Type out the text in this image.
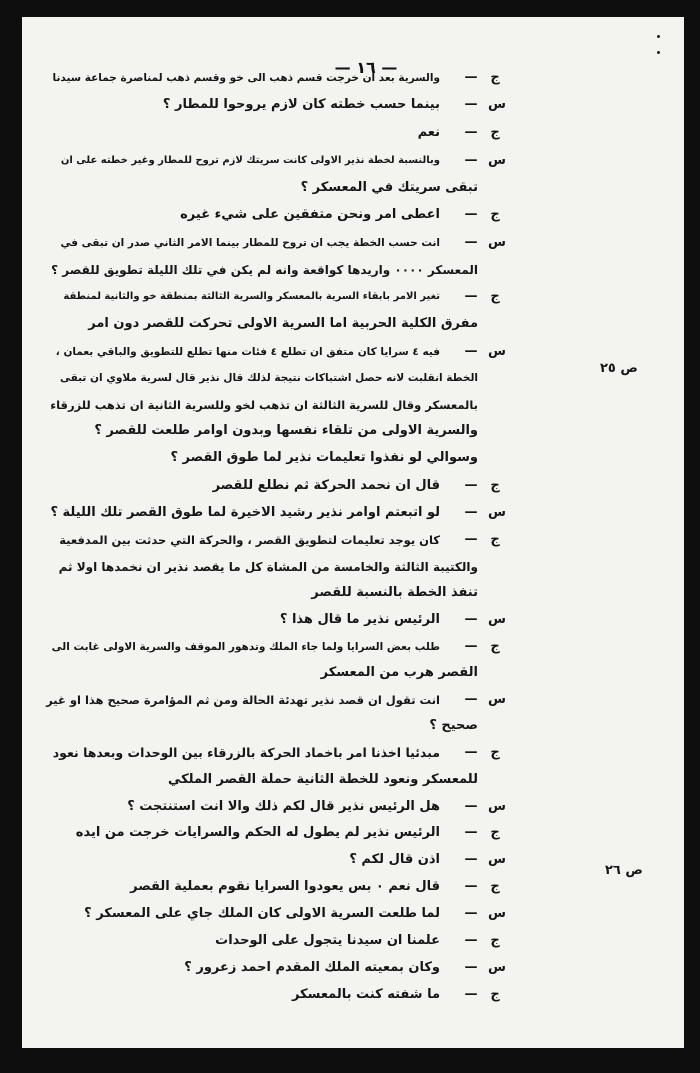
— ١٦ —
ج
—
والسرية بعد ان خرجت قسم ذهب الى خو وقسم ذهب لمناصرة جماعة سيدنا
س
—
بينما حسب خطته كان لازم يروحوا للمطار ؟
ج
—
نعم
س
—
وبالنسبة لخطة نذير الاولى كانت سريتك لازم تروح للمطار وغير خطته على ان
تبقى سريتك في المعسكر ؟
ج
—
اعطى امر ونحن متفقين على شيء غيره
س
—
انت حسب الخطة يجب ان تروح للمطار بينما الامر الثاني صدر ان تبقى في
المعسكر ٠٠٠٠ واريدها كواقعة وانه لم يكن في تلك الليلة تطويق للقصر ؟
ج
—
تغير الامر بابقاء السرية بالمعسكر والسرية الثالثة بمنطقة خو والثانية لمنطقة
مفرق الكلية الحربية اما السرية الاولى تحركت للقصر دون امر
س
—
فيه ٤ سرايا كان متفق ان تطلع ٤ فئات منها تطلع للتطويق والباقي بعمان ،
الخطة انقلبت لانه حصل اشتباكات نتيجة لذلك قال نذير قال لسرية ملاوي ان تبقى
بالمعسكر وقال للسرية الثالثة ان تذهب لخو وللسرية الثانية ان تذهب للزرقاء
والسرية الاولى من تلقاء نفسها وبدون اوامر طلعت للقصر ؟
وسوالي لو نفذوا تعليمات نذير لما طوق القصر ؟
ج
—
قال ان نحمد الحركة ثم نطلع للقصر
س
—
لو اتبعتم اوامر نذير رشيد الاخيرة لما طوق القصر تلك الليلة ؟
ج
—
كان يوجد تعليمات لتطويق القصر ، والحركة التي حدثت بين المدفعية
والكتيبة الثالثة والخامسة من المشاة كل ما يقصد نذير ان نخمدها اولا ثم
تنفذ الخطة بالنسبة للقصر
س
—
الرئيس نذير ما قال هذا ؟
ج
—
طلب بعض السرايا ولما جاء الملك وتدهور الموقف والسرية الاولى غابت الى
القصر هرب من المعسكر
س
—
انت تقول ان قصد نذير تهدئة الحالة ومن ثم المؤامرة صحيح هذا او غير
صحيح ؟
ج
—
مبدئيا اخذنا امر باخماد الحركة بالزرقاء بين الوحدات وبعدها نعود
للمعسكر ونعود للخطة الثانية حملة القصر الملكي
س
—
هل الرئيس نذير قال لكم ذلك والا انت استنتجت ؟
ج
—
الرئيس نذير لم يطول له الحكم والسرايات خرجت من ايده
س
—
اذن قال لكم ؟
ج
—
قال نعم ٠ بس يعودوا السرايا نقوم بعملية القصر
س
—
لما طلعت السرية الاولى كان الملك جاي على المعسكر ؟
ج
—
علمنا ان سيدنا يتجول على الوحدات
س
—
وكان بمعيته الملك المقدم احمد زعرور ؟
ج
—
ما شفته كنت بالمعسكر
ص ٢٥
ص ٢٦
